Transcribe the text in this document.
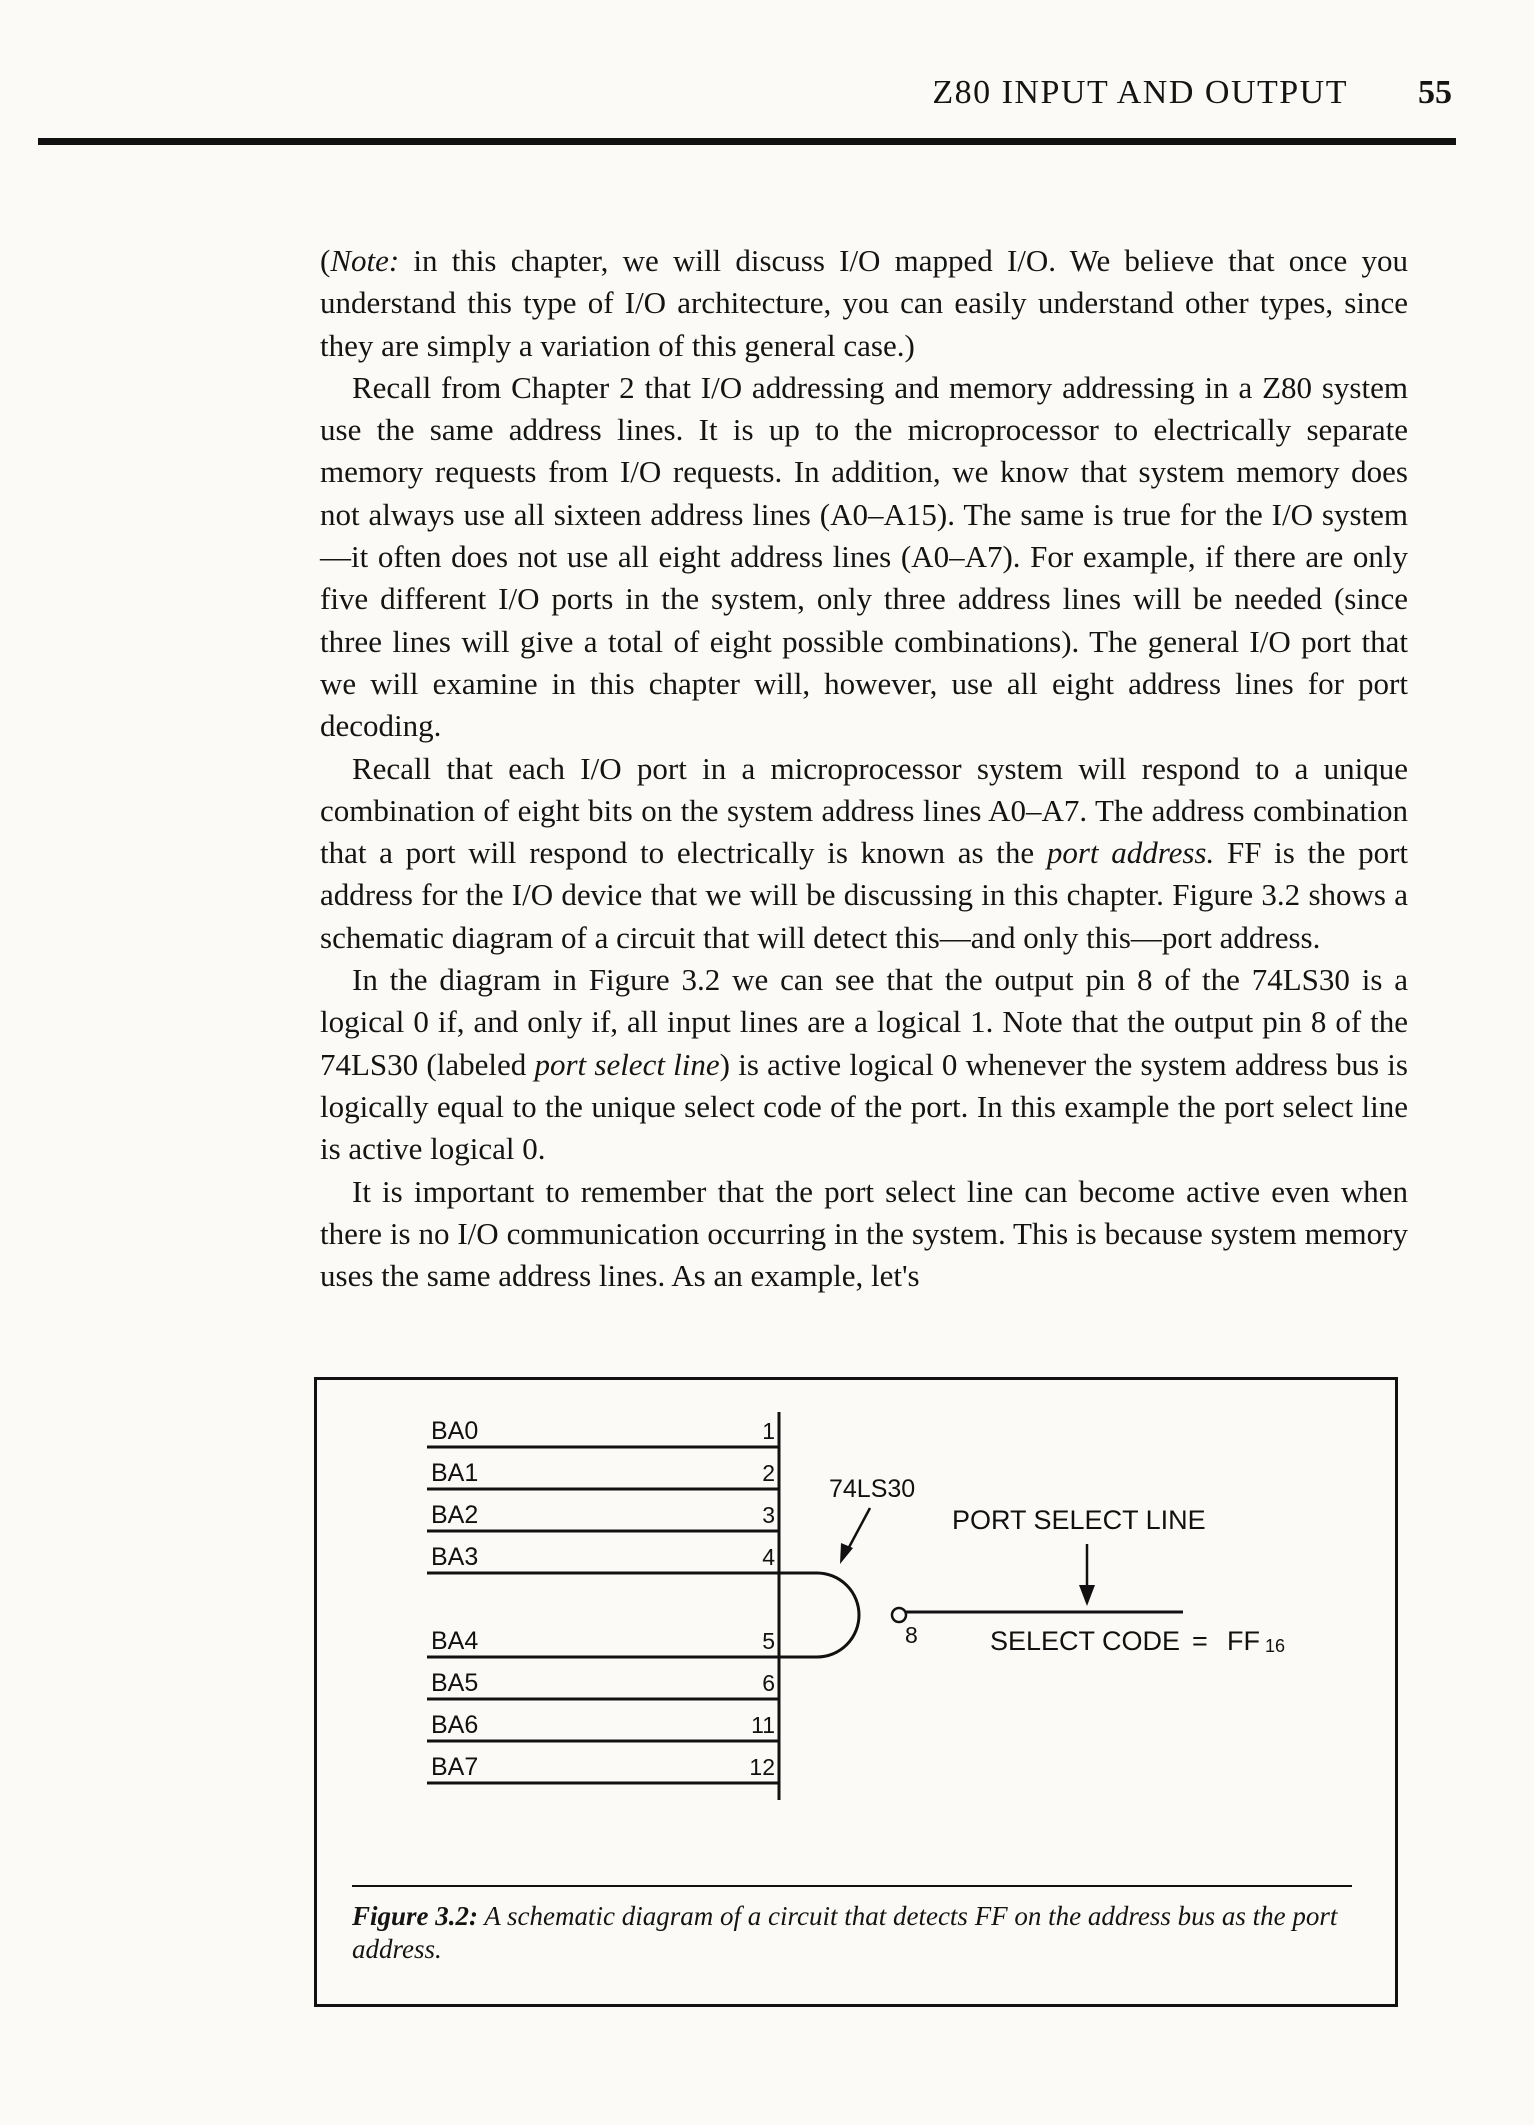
Z80 INPUT AND OUTPUT 55

(Note: in this chapter, we will discuss I/O mapped I/O. We believe that once you understand this type of I/O architecture, you can easily understand other types, since they are simply a variation of this general case.)

Recall from Chapter 2 that I/O addressing and memory addressing in a Z80 system use the same address lines. It is up to the microprocessor to electrically separate memory requests from I/O requests. In addition, we know that system memory does not always use all sixteen address lines (A0–A15). The same is true for the I/O system—it often does not use all eight address lines (A0–A7). For example, if there are only five different I/O ports in the system, only three address lines will be needed (since three lines will give a total of eight possible combinations). The general I/O port that we will examine in this chapter will, however, use all eight address lines for port decoding.

Recall that each I/O port in a microprocessor system will respond to a unique combination of eight bits on the system address lines A0–A7. The address combination that a port will respond to electrically is known as the port address. FF is the port address for the I/O device that we will be discussing in this chapter. Figure 3.2 shows a schematic diagram of a circuit that will detect this—and only this—port address.

In the diagram in Figure 3.2 we can see that the output pin 8 of the 74LS30 is a logical 0 if, and only if, all input lines are a logical 1. Note that the output pin 8 of the 74LS30 (labeled port select line) is active logical 0 whenever the system address bus is logically equal to the unique select code of the port. In this example the port select line is active logical 0.

It is important to remember that the port select line can become active even when there is no I/O communication occurring in the system. This is because system memory uses the same address lines. As an example, let's

BA0	1
BA1	2
BA2	3
BA3	4
BA4	5
BA5	6
BA6	11
BA7	12
8
74LS30
PORT SELECT LINE
SELECT CODE = FF 16
Figure 3.2: A schematic diagram of a circuit that detects FF on the address bus as the port address.
